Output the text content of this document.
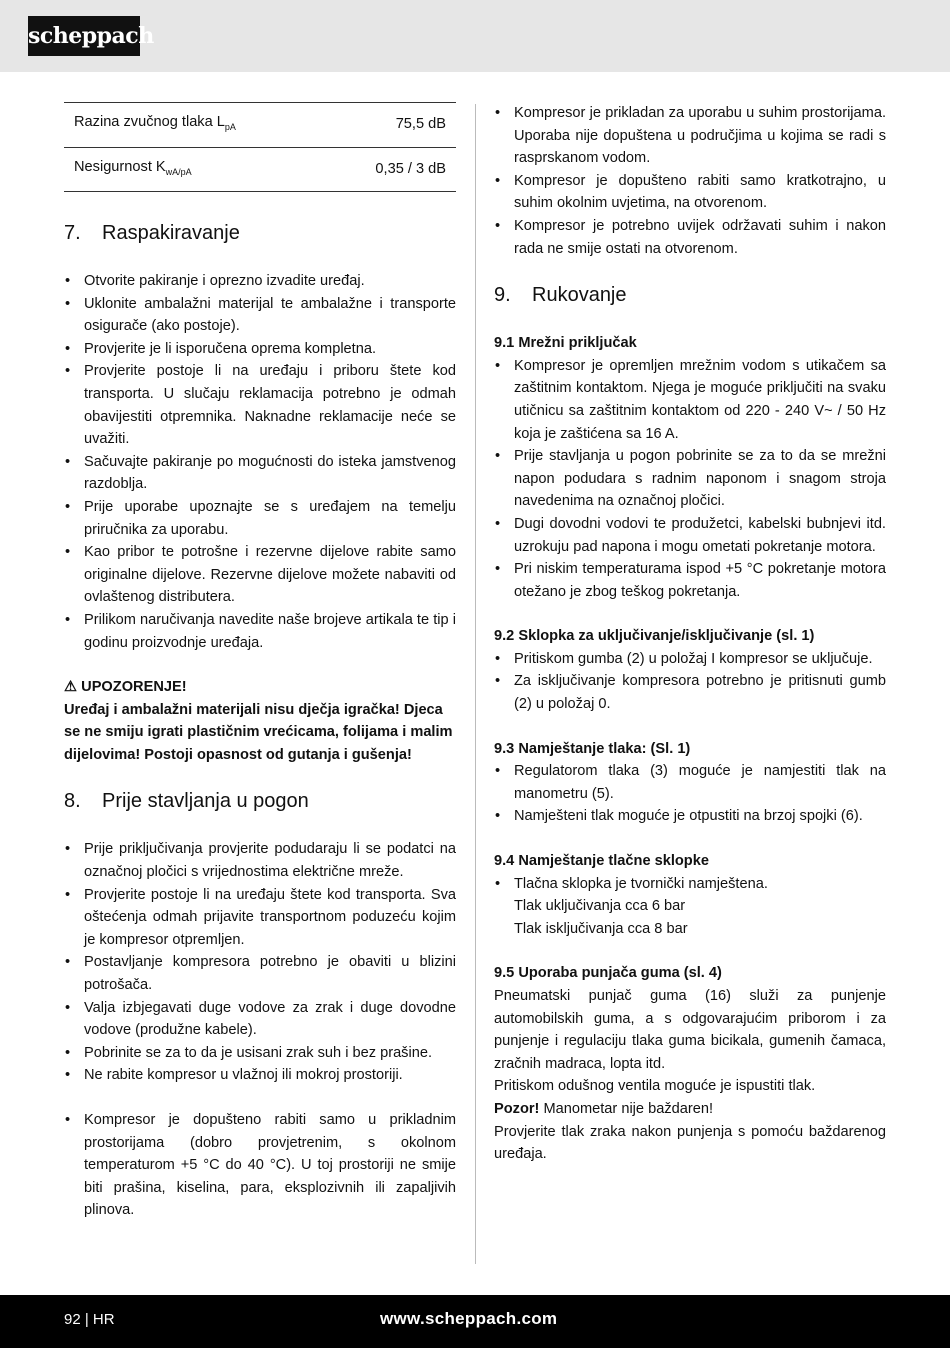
scheppach
Razina zvučnog tlaka $L_{pA}$	75,5 dB
Nesigurnost $K_{wA/pA}$	0,35 / 3 dB
7. Raspakiravanje
• Otvorite pakiranje i oprezno izvadite uređaj.
• Uklonite ambalažni materijal te ambalažne i transporte osigurače (ako postoje).
• Provjerite je li isporučena oprema kompletna.
• Provjerite postoje li na uređaju i priboru štete kod transporta. U slučaju reklamacija potrebno je odmah obavijestiti otpremnika. Naknadne reklamacije neće se uvažiti.
• Sačuvajte pakiranje po mogućnosti do isteka jamstvenog razdoblja.
• Prije uporabe upoznajte se s uređajem na temelju priručnika za uporabu.
• Kao pribor te potrošne i rezervne dijelove rabite samo originalne dijelove. Rezervne dijelove možete nabaviti od ovlaštenog distributera.
• Prilikom naručivanja navedite naše brojeve artikala te tip i godinu proizvodnje uređaja.

⚠ UPOZORENJE!

Uređaj i ambalažni materijali nisu dječja igračka! Djeca se ne smiju igrati plastičnim vrećicama, folijama i malim dijelovima! Postoji opasnost od gutanja i gušenja!

8. Prije stavljanja u pogon
• Prije priključivanja provjerite podudaraju li se podatci na označnoj pločici s vrijednostima električne mreže.
• Provjerite postoje li na uređaju štete kod transporta. Sva oštećenja odmah prijavite transportnom poduzeću kojim je kompresor otpremljen.
• Postavljanje kompresora potrebno je obaviti u blizini potrošača.
• Valja izbjegavati duge vodove za zrak i duge dovodne vodove (produžne kabele).
• Pobrinite se za to da je usisani zrak suh i bez prašine.
• Ne rabite kompresor u vlažnoj ili mokroj prostoriji.
• Kompresor je dopušteno rabiti samo u prikladnim prostorijama (dobro provjetrenim, s okolnom temperaturom +5 °C do 40 °C). U toj prostoriji ne smije biti prašina, kiselina, para, eksplozivnih ili zapaljivih plinova.
• Kompresor je prikladan za uporabu u suhim prostorijama. Uporaba nije dopuštena u područjima u kojima se radi s rasprskanom vodom.
• Kompresor je dopušteno rabiti samo kratkotrajno, u suhim okolnim uvjetima, na otvorenom.
• Kompresor je potrebno uvijek održavati suhim i nakon rada ne smije ostati na otvorenom.
9. Rukovanje
9.1 Mrežni priključak
• Kompresor je opremljen mrežnim vodom s utikačem sa zaštitnim kontaktom. Njega je moguće priključiti na svaku utičnicu sa zaštitnim kontaktom od 220 - 240 V~ / 50 Hz koja je zaštićena sa 16 A.
• Prije stavljanja u pogon pobrinite se za to da se mrežni napon podudara s radnim naponom i snagom stroja navedenima na označnoj pločici.
• Dugi dovodni vodovi te produžetci, kabelski bubnjevi itd. uzrokuju pad napona i mogu ometati pokretanje motora.
• Pri niskim temperaturama ispod +5 °C pokretanje motora otežano je zbog teškog pokretanja.
9.2 Sklopka za uključivanje/isključivanje (sl. 1)
• Pritiskom gumba (2) u položaj I kompresor se uključuje.
• Za isključivanje kompresora potrebno je pritisnuti gumb (2) u položaj 0.
9.3 Namještanje tlaka: (Sl. 1)
• Regulatorom tlaka (3) moguće je namjestiti tlak na manometru (5).
• Namješteni tlak moguće je otpustiti na brzoj spojki (6).
9.4 Namještanje tlačne sklopke
• Tlačna sklopka je tvornički namještena.
Tlak uključivanja cca 6 bar
Tlak isključivanja cca 8 bar
9.5 Uporaba punjača guma (sl. 4)

Pneumatski punjač guma (16) služi za punjenje automobilskih guma, a s odgovarajućim priborom i za punjenje i regulaciju tlaka guma bicikala, gumenih čamaca, zračnih madraca, lopta itd.

Pritiskom odušnog ventila moguće je ispustiti tlak.

Pozor! Manometar nije baždaren!

Provjerite tlak zraka nakon punjenja s pomoću baždarenog uređaja.

92 | HR	www.scheppach.com
